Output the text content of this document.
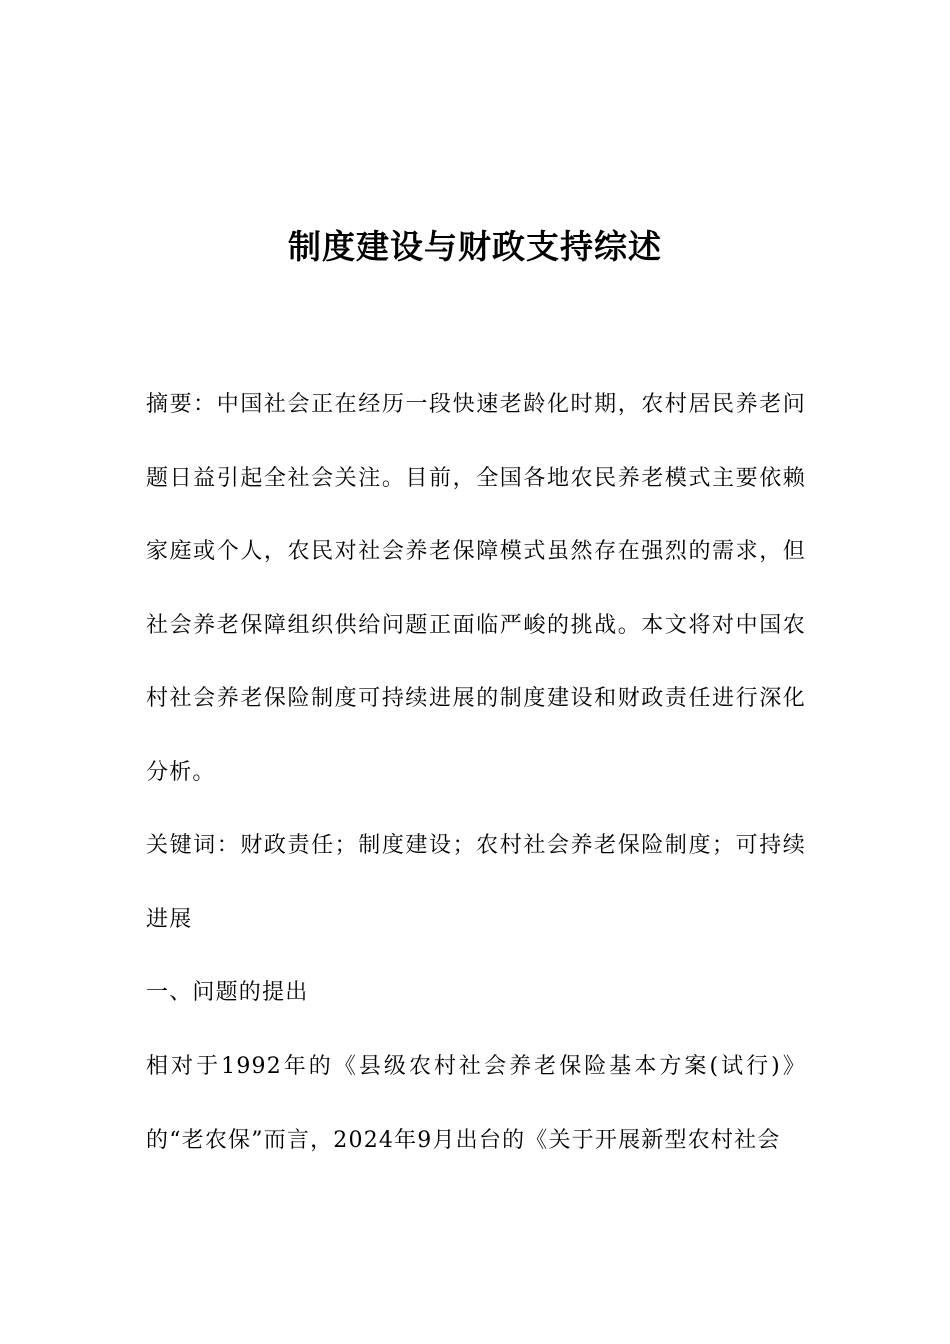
制度建设与财政支持综述
摘要：中国社会正在经历一段快速老龄化时期，农村居民养老问题日益引起全社会关注。目前，全国各地农民养老模式主要依赖家庭或个人，农民对社会养老保障模式虽然存在强烈的需求，但社会养老保障组织供给问题正面临严峻的挑战。本文将对中国农村社会养老保险制度可持续进展的制度建设和财政责任进行深化分析。
关键词：财政责任；制度建设；农村社会养老保险制度；可持续进展
一、问题的提出
相对于1992年的《县级农村社会养老保险基本方案(试行)》的“老农保”而言，2024年9月出台的《关于开展新型农村社会
